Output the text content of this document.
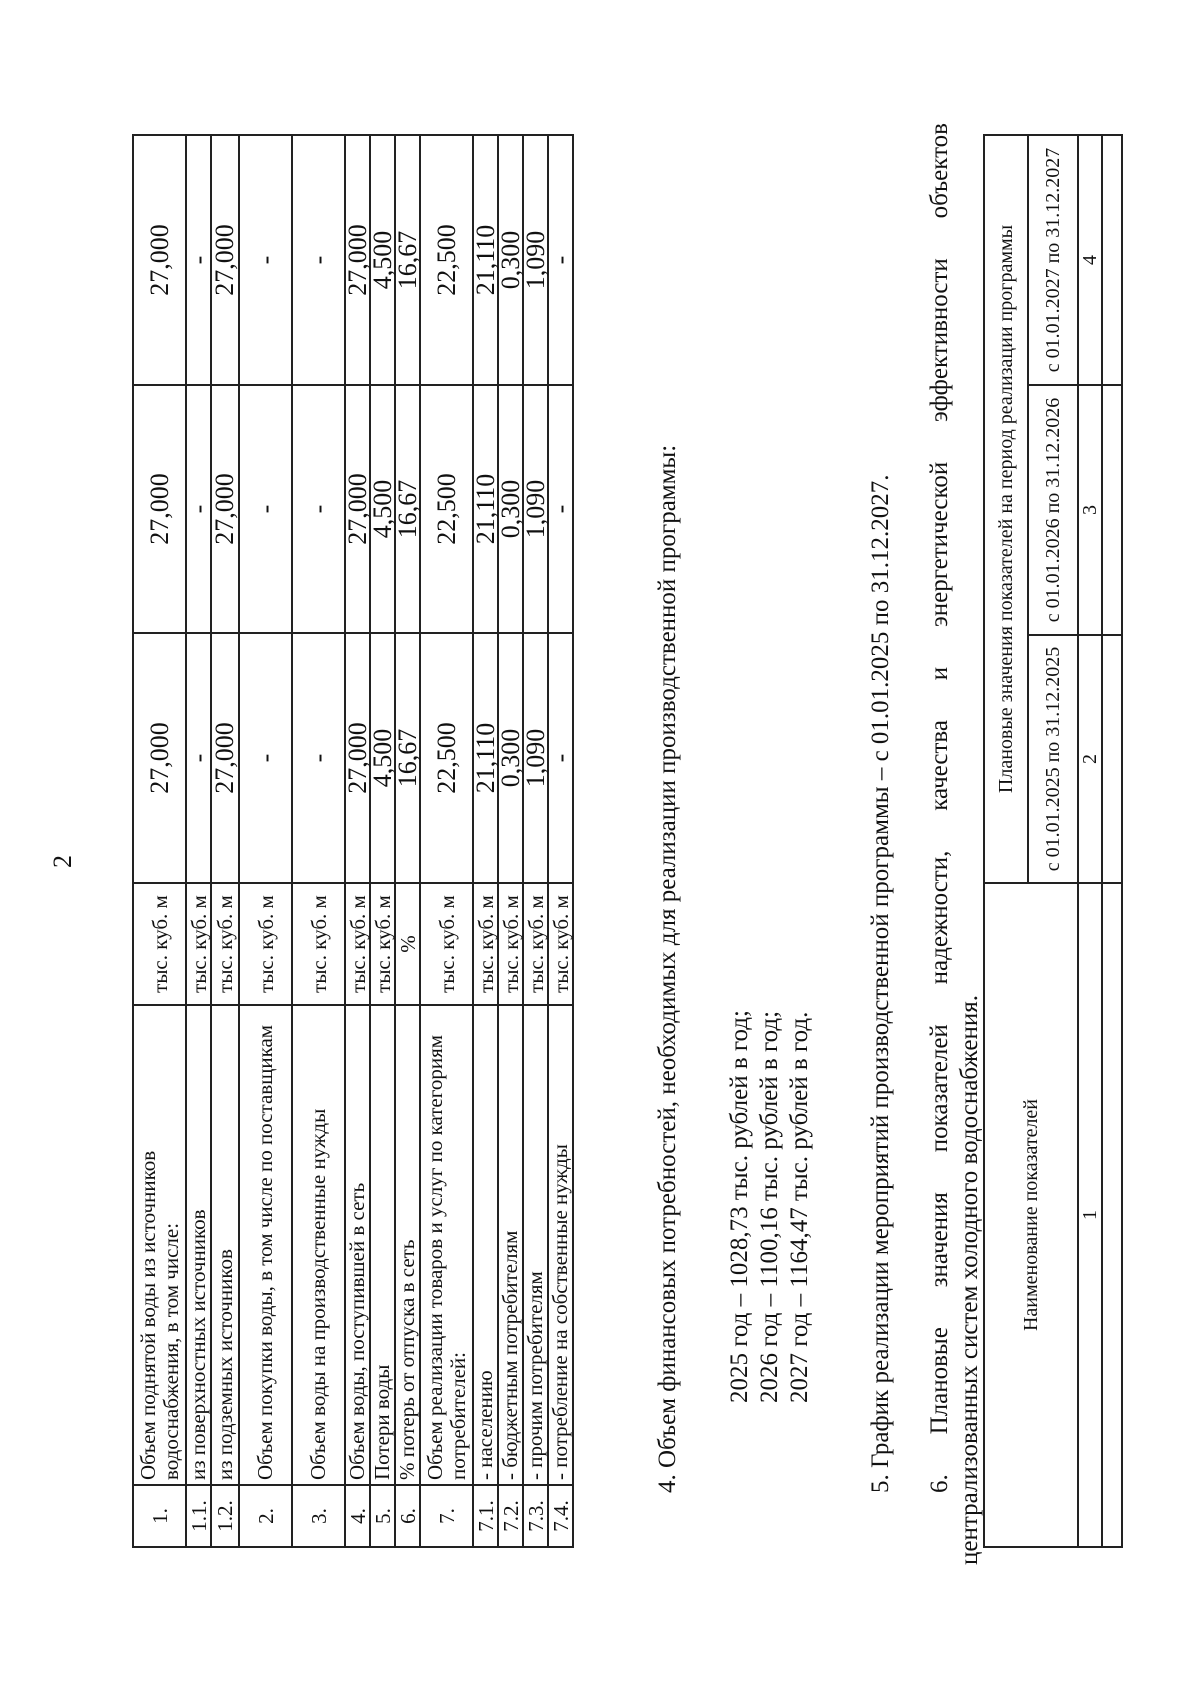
2
1.	Объем поднятой воды из источников водоснабжения, в том числе:	тыс. куб. м	27,000	27,000	27,000
1.1.	из поверхностных источников	тыс. куб. м	-	-	-
1.2.	из подземных источников	тыс. куб. м	27,000	27,000	27,000
2.	Объем покупки воды, в том числе по поставщикам	тыс. куб. м	-	-	-
3.	Объем воды на производственные нужды	тыс. куб. м	-	-	-
4.	Объем воды, поступившей в сеть	тыс. куб. м	27,000	27,000	27,000
5.	Потери воды	тыс. куб. м	4,500	4,500	4,500
6.	% потерь от отпуска в сеть	%	16,67	16,67	16,67
7.	Объем реализации товаров и услуг по категориям потребителей:	тыс. куб. м	22,500	22,500	22,500
7.1.	- населению	тыс. куб. м	21,110	21,110	21,110
7.2.	- бюджетным потребителям	тыс. куб. м	0,300	0,300	0,300
7.3.	- прочим потребителям	тыс. куб. м	1,090	1,090	1,090
7.4.	- потребление на собственные нужды	тыс. куб. м	-	-	-
4. Объем финансовых потребностей, необходимых для реализации производственной программы: 2025 год – 1028,73 тыс. рублей в год; 2026 год – 1100,16 тыс. рублей в год; 2027 год – 1164,47 тыс. рублей в год. 5. График реализации мероприятий производственной программы – с 01.01.2025 по 31.12.2027. 6. Плановые значения показателей надежности, качества и энергетической эффективности объектов централизованных систем холодного водоснабжения. Наименование показателей	Плановые значения показателей на период реализации программы		
	с 01.01.2025 по 31.12.2025	с 01.01.2026 по 31.12.2026	с 01.01.2027 по 31.12.2027
1	2	3	4
